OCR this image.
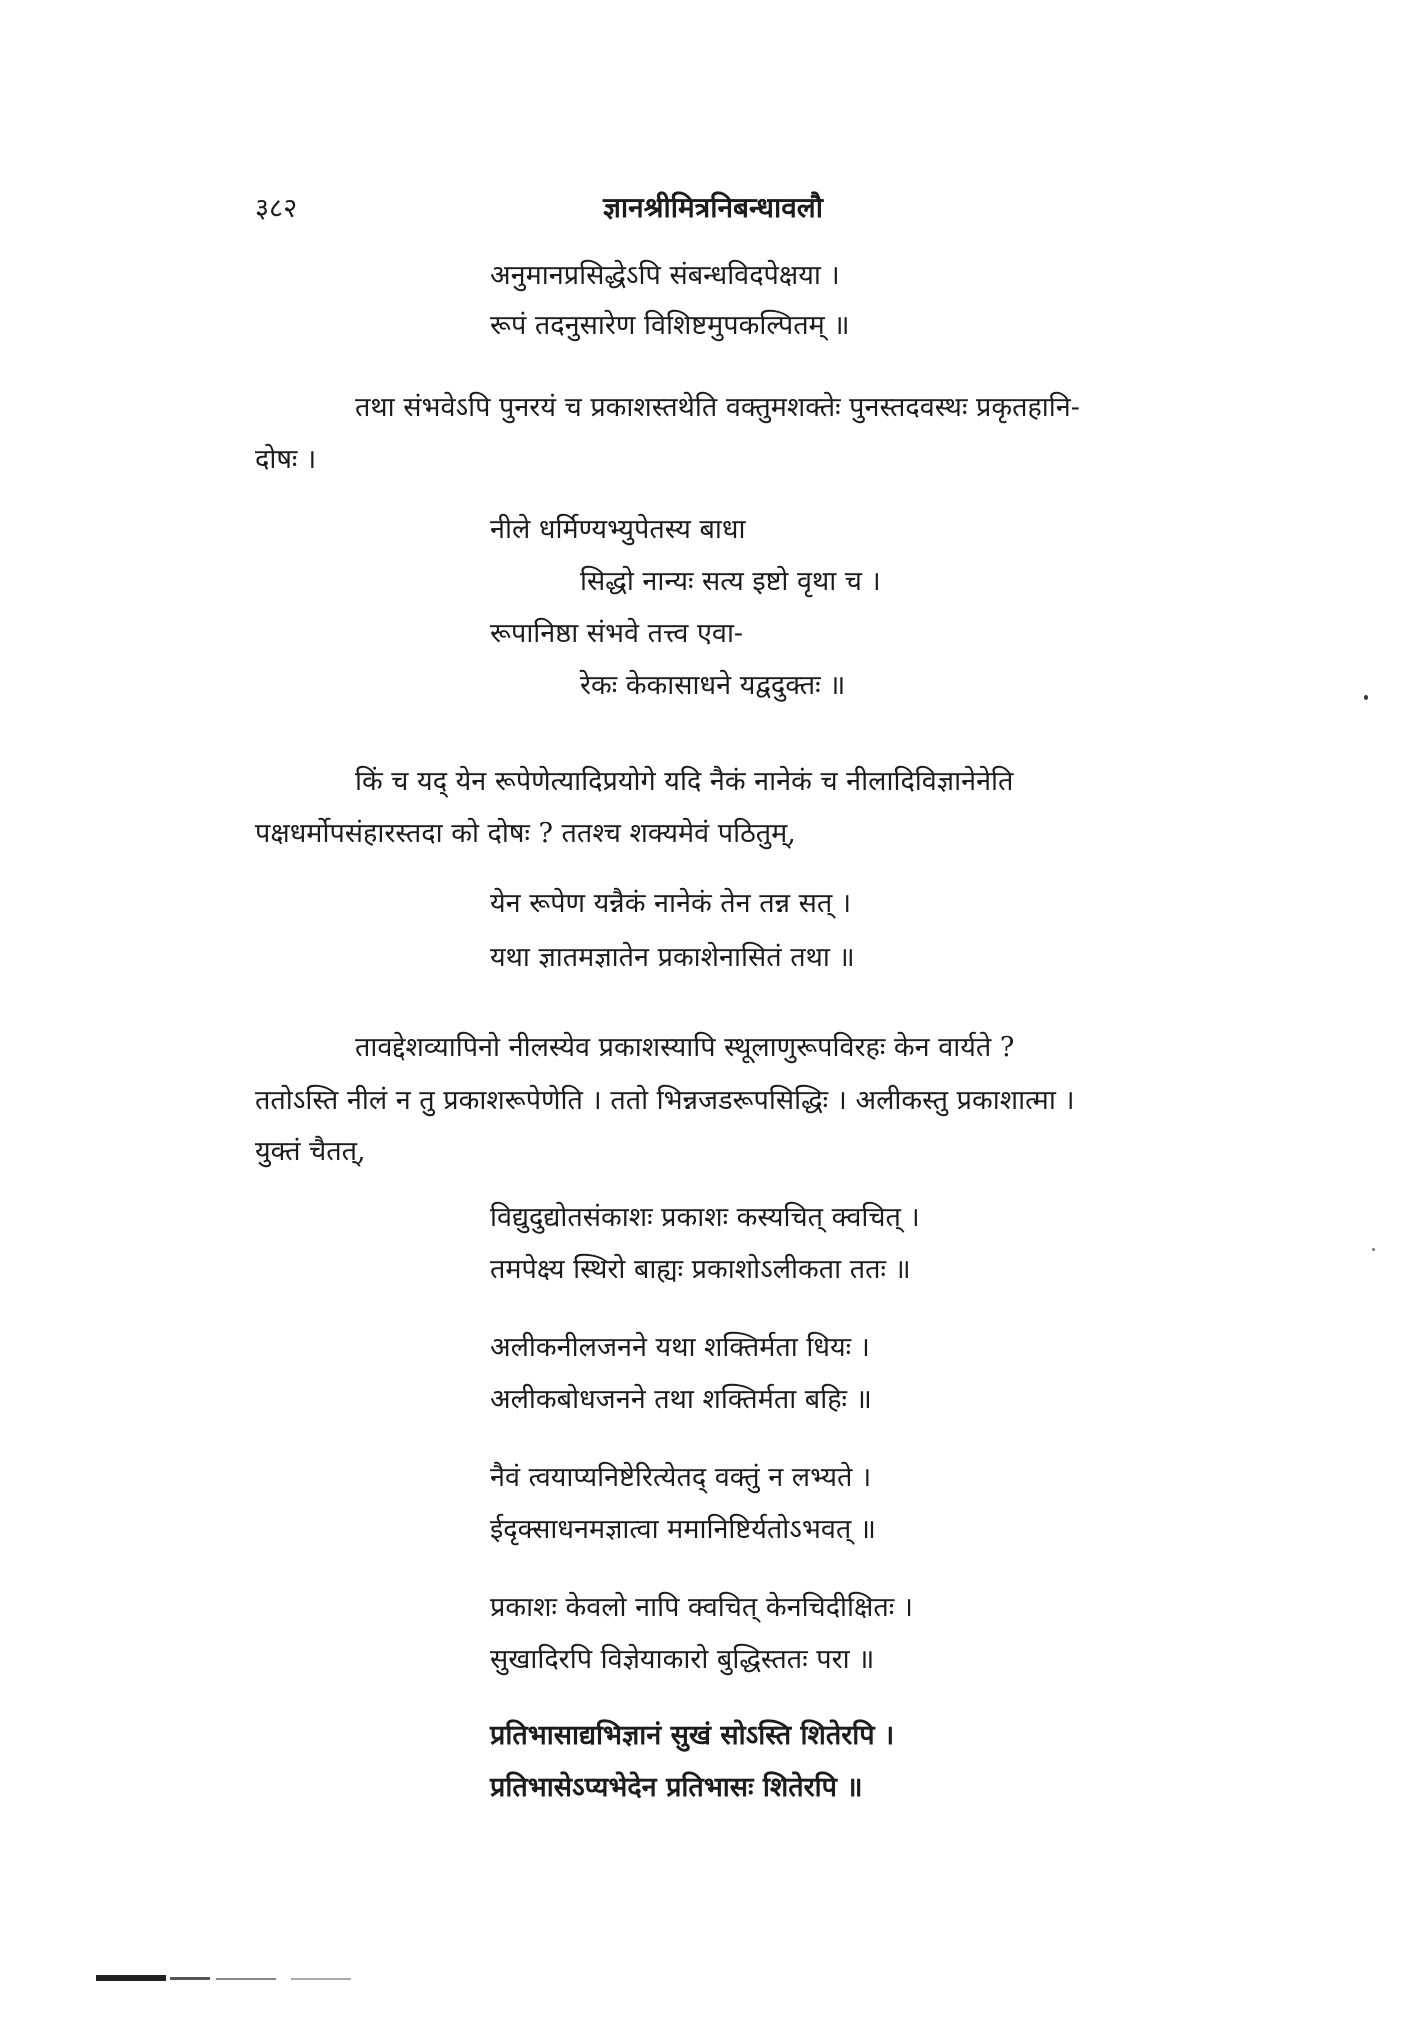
३८२	ज्ञानश्रीमित्रनिबन्धावलौ
अनुमानप्रसिद्धेऽपि संबन्धविदपेक्षया ।
रूपं तदनुसारेण विशिष्टमुपकल्पितम् ॥
तथा संभवेऽपि पुनरयं च प्रकाशस्तथेति वक्तुमशक्तेः पुनस्तदवस्थः प्रकृतहानि-
दोषः ।
नीले धर्मिण्यभ्युपेतस्य बाधा
सिद्धो नान्यः सत्य इष्टो वृथा च ।
रूपानिष्ठा संभवे तत्त्व एवा-
रेकः केकासाधने यद्वदुक्तः ॥
किं च यद् येन रूपेणेत्यादिप्रयोगे यदि नैकं नानेकं च नीलादिविज्ञानेनेति
पक्षधर्मोपसंहारस्तदा को दोषः ? ततश्च शक्यमेवं पठितुम्,
येन रूपेण यन्नैकं नानेकं तेन तन्न सत् ।
यथा ज्ञातमज्ञातेन प्रकाशेनासितं तथा ॥
तावद्देशव्यापिनो नीलस्येव प्रकाशस्यापि स्थूलाणुरूपविरहः केन वार्यते ?
ततोऽस्ति नीलं न तु प्रकाशरूपेणेति । ततो भिन्नजडरूपसिद्धिः । अलीकस्तु प्रकाशात्मा ।
युक्तं चैतत्,
विद्युदुद्योतसंकाशः प्रकाशः कस्यचित् क्वचित् ।
तमपेक्ष्य स्थिरो बाह्यः प्रकाशोऽलीकता ततः ॥
अलीकनीलजनने यथा शक्तिर्मता धियः ।
अलीकबोधजनने तथा शक्तिर्मता बहिः ॥
नैवं त्वयाप्यनिष्टेरित्येतद् वक्तुं न लभ्यते ।
ईदृक्साधनमज्ञात्वा ममानिष्टिर्यतोऽभवत् ॥
प्रकाशः केवलो नापि क्वचित् केनचिदीक्षितः ।
सुखादिरपि विज्ञेयाकारो बुद्धिस्ततः परा ॥
प्रतिभासाद्यभिज्ञानं सुखं सोऽस्ति शितेरपि ।
प्रतिभासेऽप्यभेदेन प्रतिभासः शितेरपि ॥
